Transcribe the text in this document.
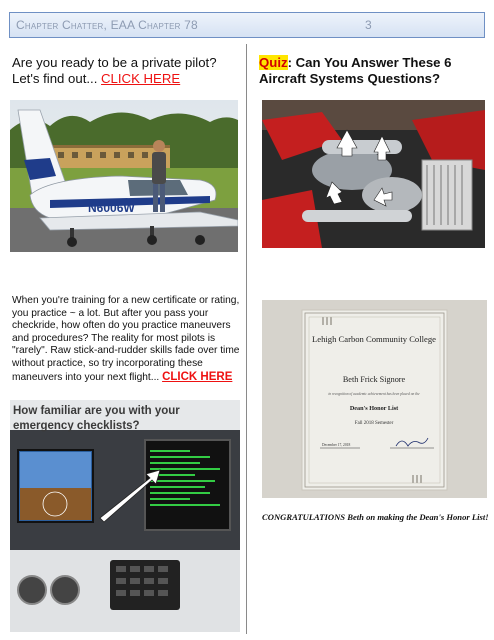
Chapter Chatter, EAA Chapter 78	3
Are you ready to be a private pilot? Let's find out... CLICK HERE
Quiz: Can You Answer These 6 Aircraft Systems Questions?
N6006W
When you're training for a new certificate or rating, you practice ~ a lot. But after you pass your checkride, how often do you practice maneuvers and procedures? The reality for most pilots is "rarely". Raw stick-and-rudder skills fade over time without practice, so try incorporating these maneuvers into your next flight... CLICK HERE
Lehigh Carbon Community College
Beth Frick Signore
in recognition of academic achievement has been placed on the
Dean's Honor List
Fall 2018 Semester
December 17, 2018
How familiar are you with your
emergency checklists?
CONGRATULATIONS Beth on making the Dean's Honor List!
